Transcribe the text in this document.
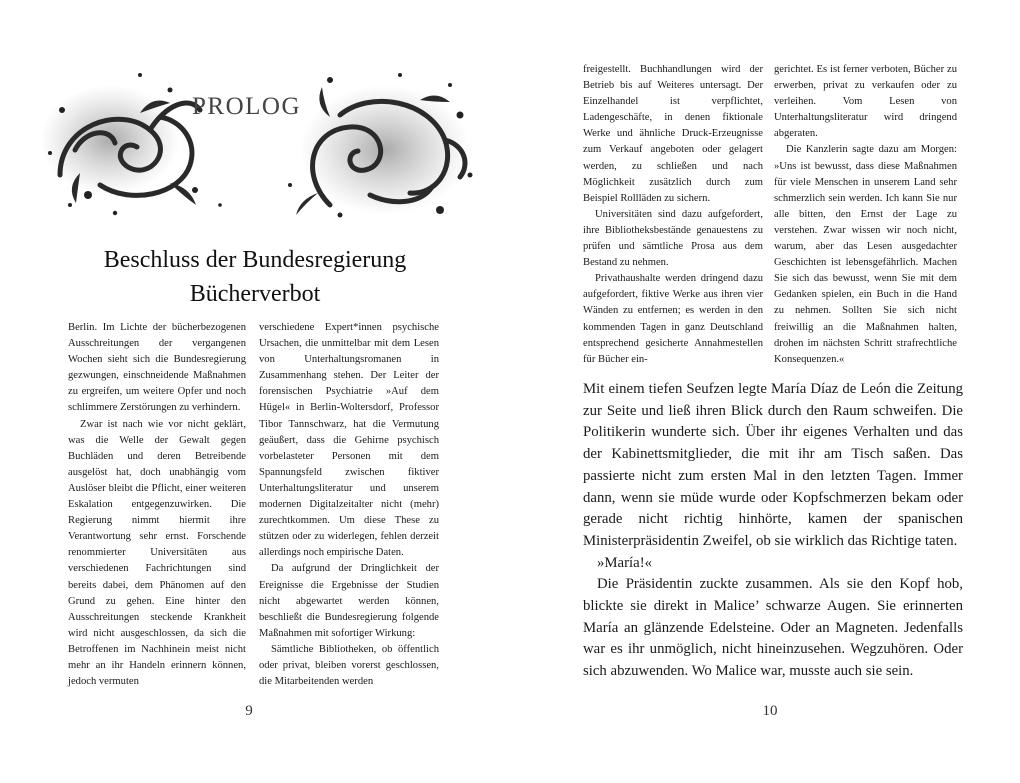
PROLOG
Beschluss der Bundesregierung
Bücherverbot

Berlin. Im Lichte der bücherbezogenen Ausschreitungen der vergangenen Wochen sieht sich die Bundesregierung gezwungen, einschneidende Maßnahmen zu ergreifen, um weitere Opfer und noch schlimmere Zerstörungen zu verhindern.

Zwar ist nach wie vor nicht geklärt, was die Welle der Gewalt gegen Buchläden und deren Betreibende ausgelöst hat, doch unabhängig vom Auslöser bleibt die Pflicht, einer weiteren Eskalation entgegenzuwirken. Die Regierung nimmt hiermit ihre Verantwortung sehr ernst. Forschende renommierter Universitäten aus verschiedenen Fachrichtungen sind bereits dabei, dem Phänomen auf den Grund zu gehen. Eine hinter den Ausschreitungen steckende Krankheit wird nicht ausgeschlossen, da sich die Betroffenen im Nachhinein meist nicht mehr an ihr Handeln erinnern können, jedoch vermuten

verschiedene Expert*innen psychische Ursachen, die unmittelbar mit dem Lesen von Unterhaltungsromanen in Zusammenhang stehen. Der Leiter der forensischen Psychiatrie »Auf dem Hügel« in Berlin-Woltersdorf, Professor Tibor Tannschwarz, hat die Vermutung geäußert, dass die Gehirne psychisch vorbelasteter Personen mit dem Spannungsfeld zwischen fiktiver Unterhaltungsliteratur und unserem modernen Digitalzeitalter nicht (mehr) zurechtkommen. Um diese These zu stützen oder zu widerlegen, fehlen derzeit allerdings noch empirische Daten.

Da aufgrund der Dringlichkeit der Ereignisse die Ergebnisse der Studien nicht abgewartet werden können, beschließt die Bundesregierung folgende Maßnahmen mit sofortiger Wirkung:

Sämtliche Bibliotheken, ob öffentlich oder privat, bleiben vorerst geschlossen, die Mitarbeitenden werden

9

freigestellt. Buchhandlungen wird der Betrieb bis auf Weiteres untersagt. Der Einzelhandel ist verpflichtet, Ladengeschäfte, in denen fiktionale Werke und ähnliche Druck-Erzeugnisse zum Verkauf angeboten oder gelagert werden, zu schließen und nach Möglichkeit zusätzlich durch zum Beispiel Rollläden zu sichern.

Universitäten sind dazu aufgefordert, ihre Bibliotheksbestände genauestens zu prüfen und sämtliche Prosa aus dem Bestand zu nehmen.

Privathaushalte werden dringend dazu aufgefordert, fiktive Werke aus ihren vier Wänden zu entfernen; es werden in den kommenden Tagen in ganz Deutschland entsprechend gesicherte Annahmestellen für Bücher ein-

gerichtet. Es ist ferner verboten, Bücher zu erwerben, privat zu verkaufen oder zu verleihen. Vom Lesen von Unterhaltungsliteratur wird dringend abgeraten.

Die Kanzlerin sagte dazu am Morgen: »Uns ist bewusst, dass diese Maßnahmen für viele Menschen in unserem Land sehr schmerzlich sein werden. Ich kann Sie nur alle bitten, den Ernst der Lage zu verstehen. Zwar wissen wir noch nicht, warum, aber das Lesen ausgedachter Geschichten ist lebensgefährlich. Machen Sie sich das bewusst, wenn Sie mit dem Gedanken spielen, ein Buch in die Hand zu nehmen. Sollten Sie sich nicht freiwillig an die Maßnahmen halten, drohen im nächsten Schritt strafrechtliche Konsequenzen.«

Mit einem tiefen Seufzen legte María Díaz de León die Zeitung zur Seite und ließ ihren Blick durch den Raum schweifen. Die Politikerin wunderte sich. Über ihr eigenes Verhalten und das der Kabinettsmitglieder, die mit ihr am Tisch saßen. Das passierte nicht zum ersten Mal in den letzten Tagen. Immer dann, wenn sie müde wurde oder Kopfschmerzen bekam oder gerade nicht richtig hinhörte, kamen der spanischen Ministerpräsidentin Zweifel, ob sie wirklich das Richtige taten.

»María!«

Die Präsidentin zuckte zusammen. Als sie den Kopf hob, blickte sie direkt in Malice’ schwarze Augen. Sie erinnerten María an glänzende Edelsteine. Oder an Magneten. Jedenfalls war es ihr unmöglich, nicht hineinzusehen. Wegzuhören. Oder sich abzuwenden. Wo Malice war, musste auch sie sein.

10
